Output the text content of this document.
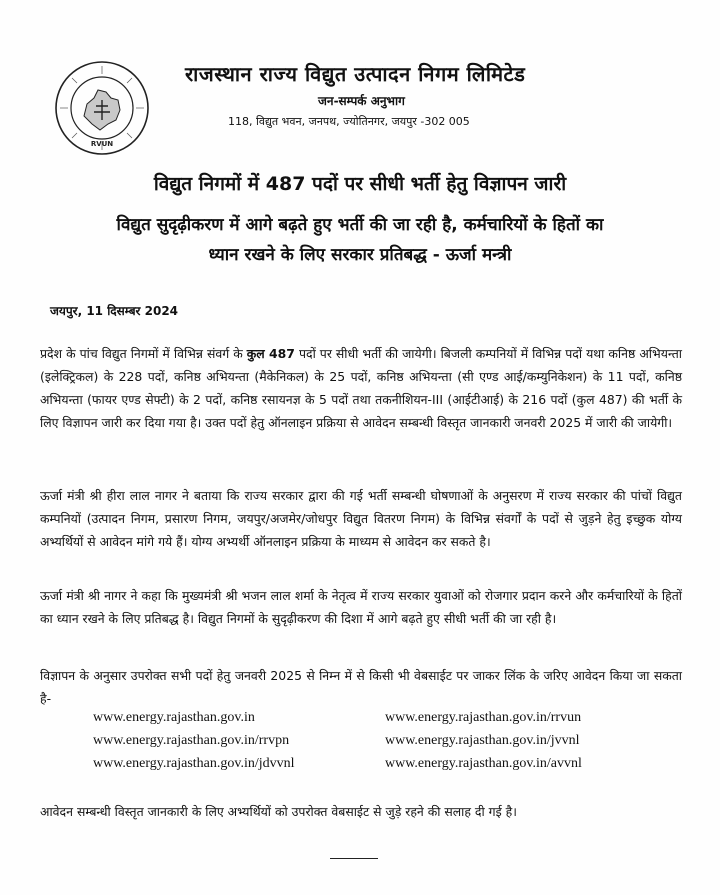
RVUN
राजस्थान राज्य विद्युत उत्पादन निगम लिमिटेड
जन-सम्पर्क अनुभाग
118, विद्युत भवन, जनपथ, ज्योतिनगर, जयपुर -302 005
विद्युत निगमों में 487 पदों पर सीधी भर्ती हेतु विज्ञापन जारी
विद्युत सुदृढ़ीकरण में आगे बढ़ते हुए भर्ती की जा रही है, कर्मचारियों के हितों का
ध्यान रखने के लिए सरकार प्रतिबद्ध - ऊर्जा मन्त्री
जयपुर, 11 दिसम्बर 2024

प्रदेश के पांच विद्युत निगमों में विभिन्न संवर्ग के कुल 487 पदों पर सीधी भर्ती की जायेगी। बिजली कम्पनियों में विभिन्न पदों यथा कनिष्ठ अभियन्ता (इलेक्ट्रिकल) के 228 पदों, कनिष्ठ अभियन्ता (मैकेनिकल) के 25 पदों, कनिष्ठ अभियन्ता (सी एण्ड आई/कम्युनिकेशन) के 11 पदों, कनिष्ठ अभियन्ता (फायर एण्ड सेफ्टी) के 2 पदों, कनिष्ठ रसायनज्ञ के 5 पदों तथा तकनीशियन-III (आईटीआई) के 216 पदों (कुल 487) की भर्ती के लिए विज्ञापन जारी कर दिया गया है। उक्त पदों हेतु ऑनलाइन प्रक्रिया से आवेदन सम्बन्धी विस्तृत जानकारी जनवरी 2025 में जारी की जायेगी।

ऊर्जा मंत्री श्री हीरा लाल नागर ने बताया कि राज्य सरकार द्वारा की गई भर्ती सम्बन्धी घोषणाओं के अनुसरण में राज्य सरकार की पांचों विद्युत कम्पनियों (उत्पादन निगम, प्रसारण निगम, जयपुर/अजमेर/जोधपुर विद्युत वितरण निगम) के विभिन्न संवर्गों के पदों से जुड़ने हेतु इच्छुक योग्य अभ्यर्थियों से आवेदन मांगे गये हैं। योग्य अभ्यर्थी ऑनलाइन प्रक्रिया के माध्यम से आवेदन कर सकते है।

ऊर्जा मंत्री श्री नागर ने कहा कि मुख्यमंत्री श्री भजन लाल शर्मा के नेतृत्व में राज्य सरकार युवाओं को रोजगार प्रदान करने और कर्मचारियों के हितों का ध्यान रखने के लिए प्रतिबद्ध है। विद्युत निगमों के सुदृढ़ीकरण की दिशा में आगे बढ़ते हुए सीधी भर्ती की जा रही है।

विज्ञापन के अनुसार उपरोक्त सभी पदों हेतु जनवरी 2025 से निम्न में से किसी भी वेबसाईट पर जाकर लिंक के जरिए आवेदन किया जा सकता है-

www.energy.rajasthan.gov.in	www.energy.rajasthan.gov.in/rrvun
www.energy.rajasthan.gov.in/rrvpn	www.energy.rajasthan.gov.in/jvvnl
www.energy.rajasthan.gov.in/jdvvnl	www.energy.rajasthan.gov.in/avvnl

आवेदन सम्बन्धी विस्तृत जानकारी के लिए अभ्यर्थियों को उपरोक्त वेबसाईट से जुड़े रहने की सलाह दी गई है।
